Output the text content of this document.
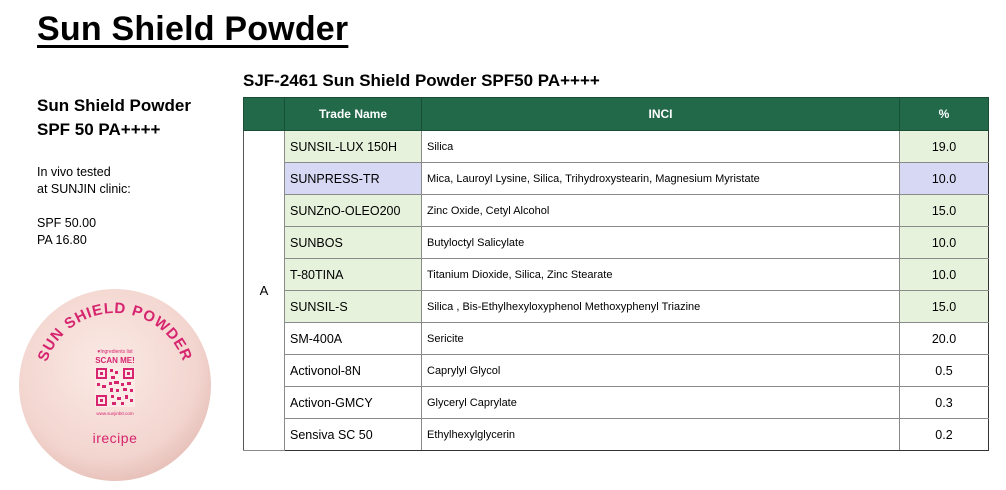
Sun Shield Powder
Sun Shield Powder
SPF 50 PA++++
In vivo tested
at SUNJIN clinic:
SPF 50.00
PA 16.80
SJF-2461 Sun Shield Powder SPF50 PA++++
	Trade Name	INCI	%
A	SUNSIL-LUX 150H	Silica	19.0
	SUNPRESS-TR	Mica, Lauroyl Lysine, Silica, Trihydroxystearin, Magnesium Myristate	10.0
	SUNZnO-OLEO200	Zinc Oxide, Cetyl Alcohol	15.0
	SUNBOS	Butyloctyl Salicylate	10.0
	T-80TINA	Titanium Dioxide, Silica, Zinc Stearate	10.0
	SUNSIL-S	Silica , Bis-Ethylhexyloxyphenol Methoxyphenyl Triazine	15.0
	SM-400A	Sericite	20.0
	Activonol-8N	Caprylyl Glycol	0.5
	Activon-GMCY	Glyceryl Caprylate	0.3
	Sensiva SC 50	Ethylhexylglycerin	0.2
SUN SHIELD POWDER
♥Ingredients list
SCAN ME!
www.sunjinbtr.com
irecipe
